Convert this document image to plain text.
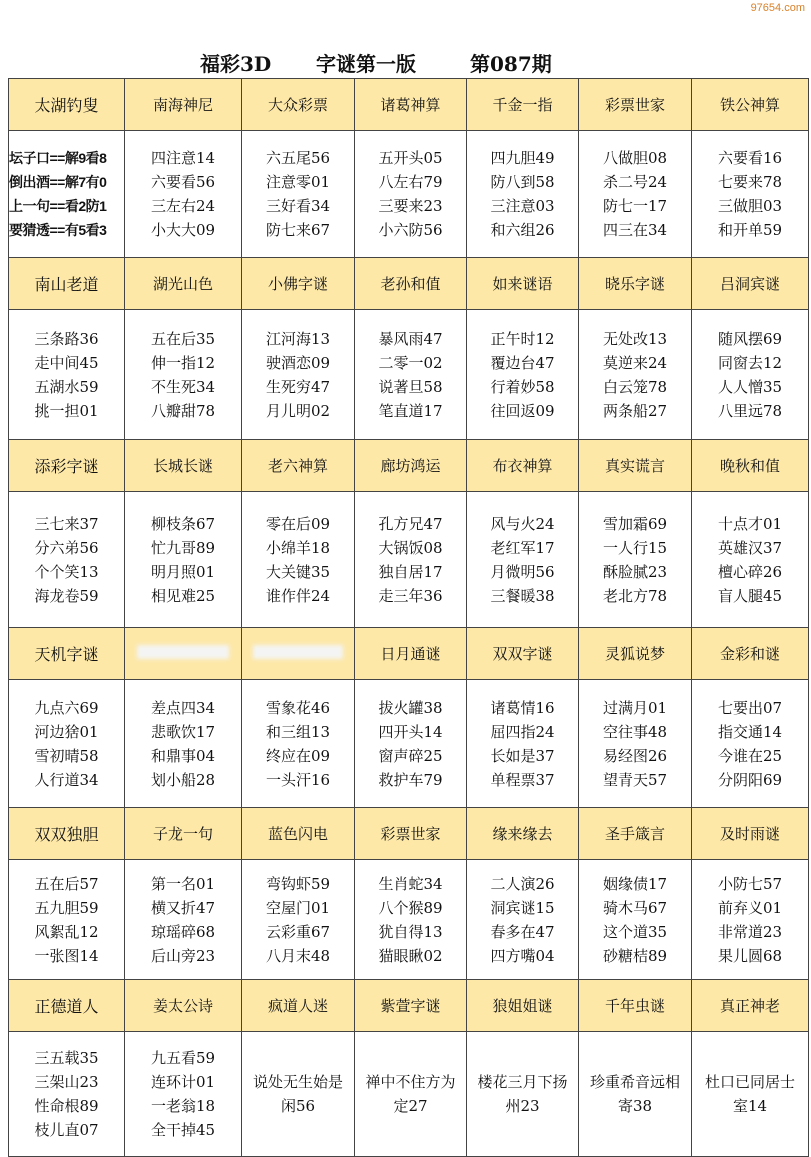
97654.com
福彩3D 字谜第一版	第087期
太湖钓叟	南海神尼	大众彩票	诸葛神算	千金一指	彩票世家	铁公神算

坛子口==解9看8
倒出酒==解7有0
上一句==看2防1
要猜透==有5看3	四注意14
六要看56
三左右24
小大大09	六五尾56
注意零01
三好看34
防七来67	五开头05
八左右79
三要来23
小六防56	四九胆49
防八到58
三注意03
和六组26	八做胆08
杀二号24
防七一17
四三在34	六要看16
七要来78
三做胆03
和开单59

南山老道	湖光山色	小佛字谜	老孙和值	如来谜语	晓乐字谜	吕洞宾谜

三条路36
走中间45
五湖水59
挑一担01	五在后35
伸一指12
不生死34
八瓣甜78	江河海13
驶酒恋09
生死穷47
月儿明02	暴风雨47
二零一02
说著旦58
笔直道17	正午时12
覆边台47
行着妙58
往回返09	无处改13
莫逆来24
白云笼78
两条船27	随风摆69
同窗去12
人人憎35
八里远78

添彩字谜	长城长谜	老六神算	廊坊鸿运	布衣神算	真实谎言	晚秋和值

三七来37
分六弟56
个个笑13
海龙卷59	柳枝条67
忙九哥89
明月照01
相见难25	零在后09
小绵羊18
大关键35
谁作伴24	孔方兄47
大锅饭08
独自居17
走三年36	风与火24
老红军17
月微明56
三餐暖38	雪加霜69
一人行15
酥脸腻23
老北方78	十点才01
英雄汉37
檀心碎26
盲人腿45

天机字谜			日月通谜	双双字谜	灵狐说梦	金彩和谜

九点六69
河边猞01
雪初晴58
人行道34	差点四34
悲歌饮17
和鼎事04
划小船28	雪象花46
和三组13
终应在09
一头汗16	拔火罐38
四开头14
窗声碎25
救护车79	诸葛情16
屈四指24
长如是37
单程票37	过满月01
空往事48
易经图26
望青天57	七要出07
指交通14
今谁在25
分阴阳69

双双独胆	子龙一句	蓝色闪电	彩票世家	缘来缘去	圣手箴言	及时雨谜

五在后57
五九胆59
风絮乱12
一张图14	第一名01
横又折47
琼瑶碎68
后山旁23	弯钩虾59
空屋门01
云彩重67
八月末48	生肖蛇34
八个猴89
犹自得13
猫眼瞅02	二人演26
洞宾谜15
春多在47
四方嘴04	姻缘债17
骑木马67
这个道35
砂糖桔89	小防七57
前弃义01
非常道23
果儿圆68

正德道人	姜太公诗	疯道人迷	紫萱字谜	狼姐姐谜	千年虫谜	真正神老

三五载35
三架山23
性命根89
枝儿直07	九五看59
连环计01
一老翁18
全干掉45	说处无生始是闲56	禅中不住方为定27	楼花三月下扬州23	珍重希音远相寄38	杜口已同居士室14
